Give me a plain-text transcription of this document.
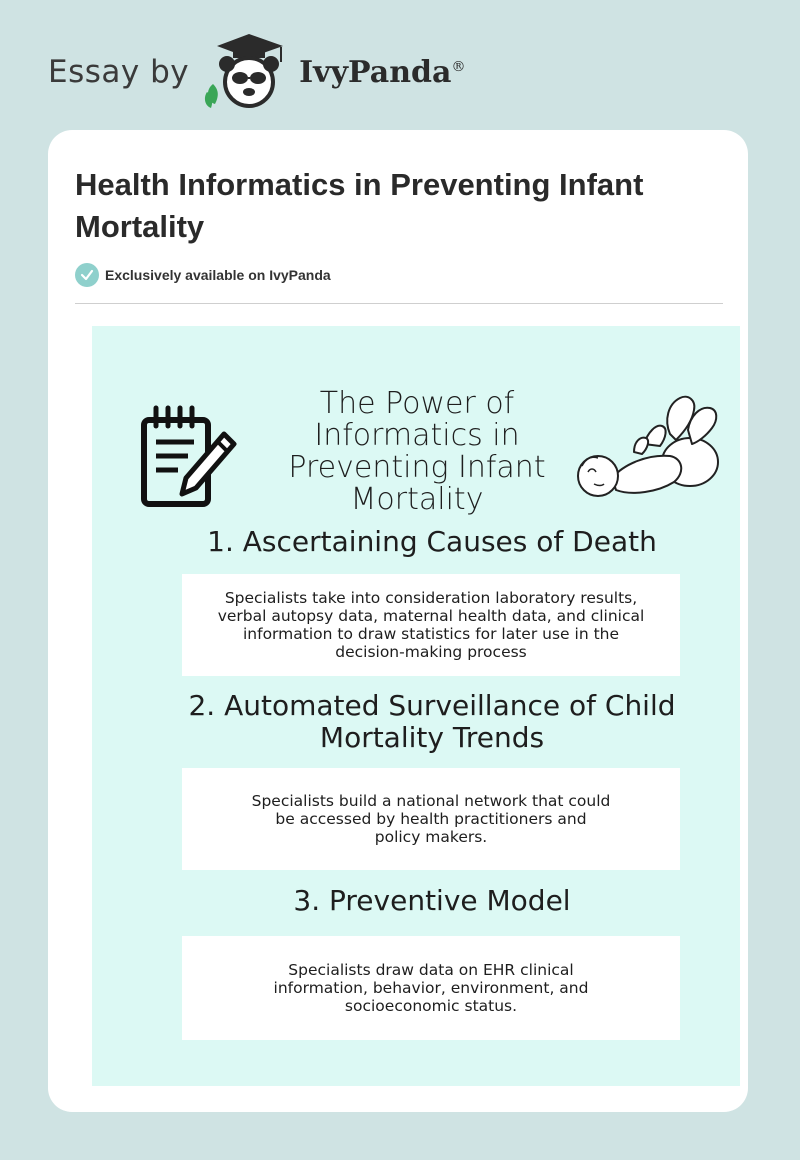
Essay by	IvyPanda®
Health Informatics in Preventing Infant Mortality
Exclusively available on IvyPanda
The Power of Informatics in Preventing Infant Mortality
1. Ascertaining Causes of Death
Specialists take into consideration laboratory results, verbal autopsy data, maternal health data, and clinical information to draw statistics for later use in the decision-making process
2. Automated Surveillance of Child Mortality Trends
Specialists build a national network that could be accessed by health practitioners and policy makers.
3. Preventive Model
Specialists draw data on EHR clinical information, behavior, environment, and socioeconomic status.
